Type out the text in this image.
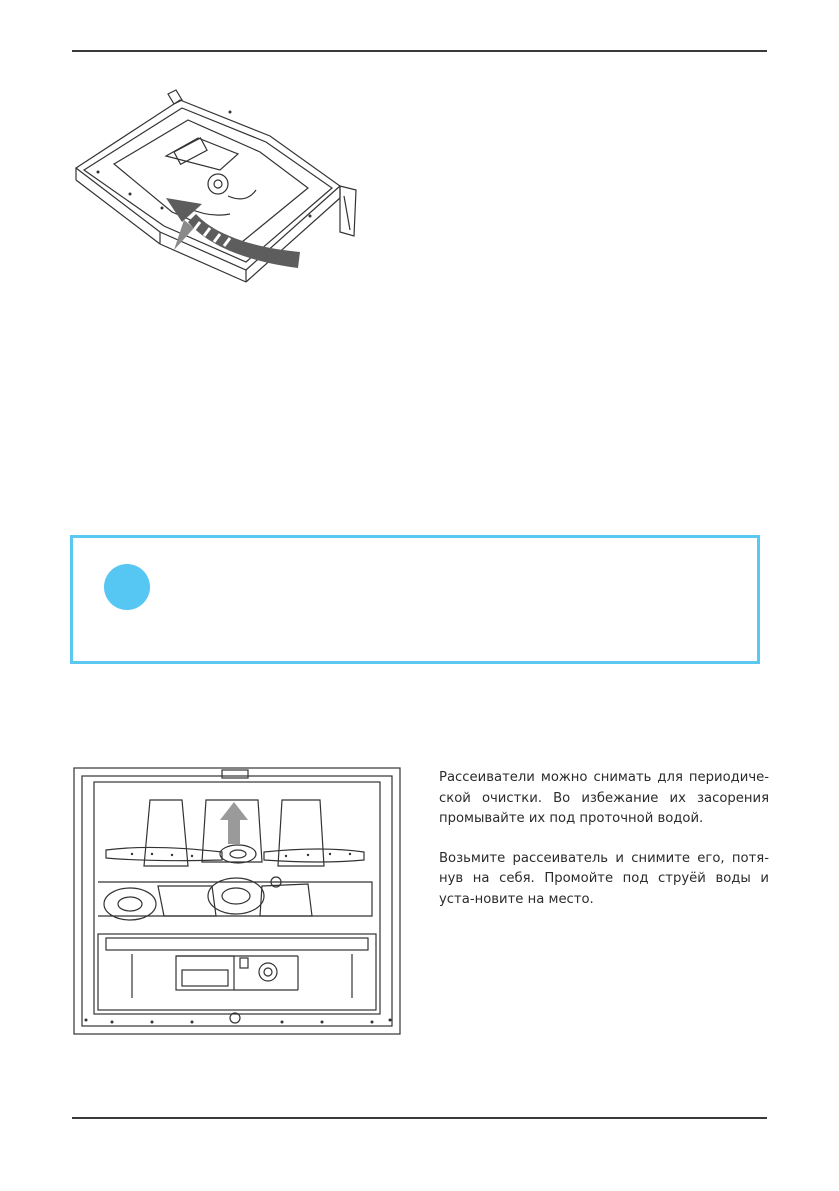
Рассеиватели можно снимать для периодиче-ской очистки. Во избежание их засорения промывайте их под проточной водой.

Возьмите рассеиватель и снимите его, потя-нув на себя. Промойте под струёй воды и уста-новите на место.
